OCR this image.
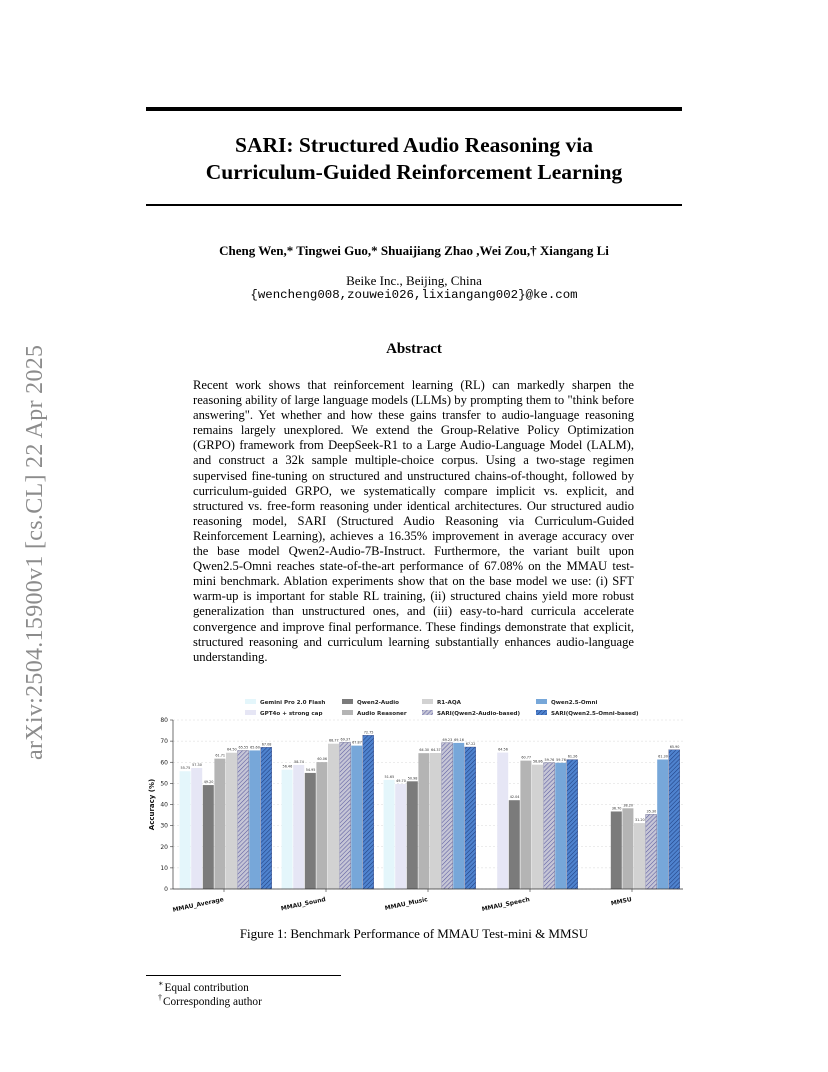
SARI: Structured Audio Reasoning via
Curriculum-Guided Reinforcement Learning
Cheng Wen,* Tingwei Guo,* Shuaijiang Zhao ,Wei Zou,† Xiangang Li
Beike Inc., Beijing, China
{wencheng008,zouwei026,lixiangang002}@ke.com
Abstract
Recent work shows that reinforcement learning (RL) can markedly sharpen the reasoning ability of large language models (LLMs) by prompting them to "think before answering". Yet whether and how these gains transfer to audio-language reasoning remains largely unexplored. We extend the Group-Relative Policy Optimization (GRPO) framework from DeepSeek-R1 to a Large Audio-Language Model (LALM), and construct a 32k sample multiple-choice corpus. Using a two-stage regimen supervised fine-tuning on structured and unstructured chains-of-thought, followed by curriculum-guided GRPO, we systematically compare implicit vs. explicit, and structured vs. free-form reasoning under identical architectures. Our structured audio reasoning model, SARI (Structured Audio Reasoning via Curriculum-Guided Reinforcement Learning), achieves a 16.35% improvement in average accuracy over the base model Qwen2-Audio-7B-Instruct. Furthermore, the variant built upon Qwen2.5-Omni reaches state-of-the-art performance of 67.08% on the MMAU test-mini benchmark. Ablation experiments show that on the base model we use: (i) SFT warm-up is important for stable RL training, (ii) structured chains yield more robust generalization than unstructured ones, and (iii) easy-to-hard curricula accelerate convergence and improve final performance. These findings demonstrate that explicit, structured reasoning and curriculum learning substantially enhances audio-language understanding.
arXiv:2504.15900v1 [cs.CL] 22 Apr 2025	Gemini Pro 2.0 Flash
GPT4o + strong cap
Qwen2-Audio
Audio Reasoner
R1-AQA
SARI(Qwen2-Audio-based)
Qwen2.5-Omni
SARI(Qwen2.5-Omni-based)
55.75
57.30
49.20
61.71
64.50
65.55 65.60
67.08
56.46
58.74
54.95
60.06
68.77 69.37
67.87
72.75
51.65
49.70
50.98
64.30 64.37
69.23 69.16
67.22
64.56
42.04
60.77
58.86 59.76 59.76
61.26
36.70
38.20
31.20
35.30
61.30
65.90
0
10
20
30
40
50
60
70
80
Accuracy (%)
MMAU_Average	MMAU_Sound	MMAU_Music	MMAU_Speech	MMSU
Figure 1: Benchmark Performance of MMAU Test-mini & MMSU
∗Equal contribution
†Corresponding author
